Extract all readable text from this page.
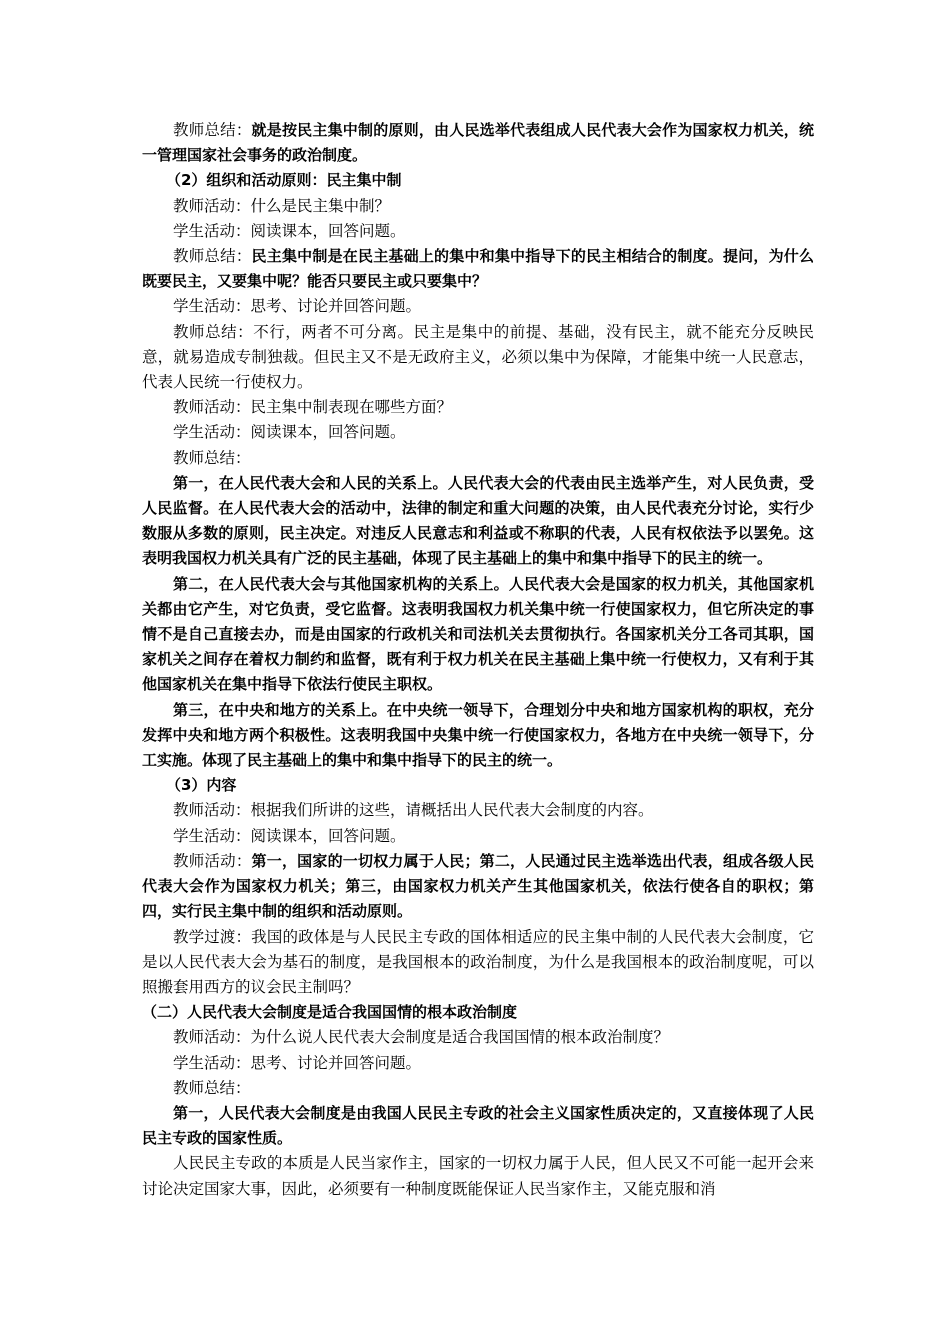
教师总结：就是按民主集中制的原则，由人民选举代表组成人民代表大会作为国家权力机关，统一管理国家社会事务的政治制度。

（2）组织和活动原则：民主集中制

教师活动：什么是民主集中制？

学生活动：阅读课本，回答问题。

教师总结：民主集中制是在民主基础上的集中和集中指导下的民主相结合的制度。提问，为什么既要民主，又要集中呢？能否只要民主或只要集中？

学生活动：思考、讨论并回答问题。

教师总结：不行，两者不可分离。民主是集中的前提、基础，没有民主，就不能充分反映民意，就易造成专制独裁。但民主又不是无政府主义，必须以集中为保障，才能集中统一人民意志，代表人民统一行使权力。

教师活动：民主集中制表现在哪些方面？

学生活动：阅读课本，回答问题。

教师总结：

第一，在人民代表大会和人民的关系上。人民代表大会的代表由民主选举产生，对人民负责，受人民监督。在人民代表大会的活动中，法律的制定和重大问题的决策，由人民代表充分讨论，实行少数服从多数的原则，民主决定。对违反人民意志和利益或不称职的代表，人民有权依法予以罢免。这表明我国权力机关具有广泛的民主基础，体现了民主基础上的集中和集中指导下的民主的统一。

第二，在人民代表大会与其他国家机构的关系上。人民代表大会是国家的权力机关，其他国家机关都由它产生，对它负责，受它监督。这表明我国权力机关集中统一行使国家权力，但它所决定的事情不是自己直接去办，而是由国家的行政机关和司法机关去贯彻执行。各国家机关分工各司其职，国家机关之间存在着权力制约和监督，既有利于权力机关在民主基础上集中统一行使权力，又有利于其他国家机关在集中指导下依法行使民主职权。

第三，在中央和地方的关系上。在中央统一领导下，合理划分中央和地方国家机构的职权，充分发挥中央和地方两个积极性。这表明我国中央集中统一行使国家权力，各地方在中央统一领导下，分工实施。体现了民主基础上的集中和集中指导下的民主的统一。

（3）内容

教师活动：根据我们所讲的这些，请概括出人民代表大会制度的内容。

学生活动：阅读课本，回答问题。

教师活动：第一，国家的一切权力属于人民；第二，人民通过民主选举选出代表，组成各级人民代表大会作为国家权力机关；第三，由国家权力机关产生其他国家机关，依法行使各自的职权；第四，实行民主集中制的组织和活动原则。

教学过渡：我国的政体是与人民民主专政的国体相适应的民主集中制的人民代表大会制度，它是以人民代表大会为基石的制度，是我国根本的政治制度，为什么是我国根本的政治制度呢，可以照搬套用西方的议会民主制吗？

（二）人民代表大会制度是适合我国国情的根本政治制度

教师活动：为什么说人民代表大会制度是适合我国国情的根本政治制度？

学生活动：思考、讨论并回答问题。

教师总结：

第一，人民代表大会制度是由我国人民民主专政的社会主义国家性质决定的，又直接体现了人民民主专政的国家性质。

人民民主专政的本质是人民当家作主，国家的一切权力属于人民，但人民又不可能一起开会来讨论决定国家大事，因此，必须要有一种制度既能保证人民当家作主，又能克服和消
